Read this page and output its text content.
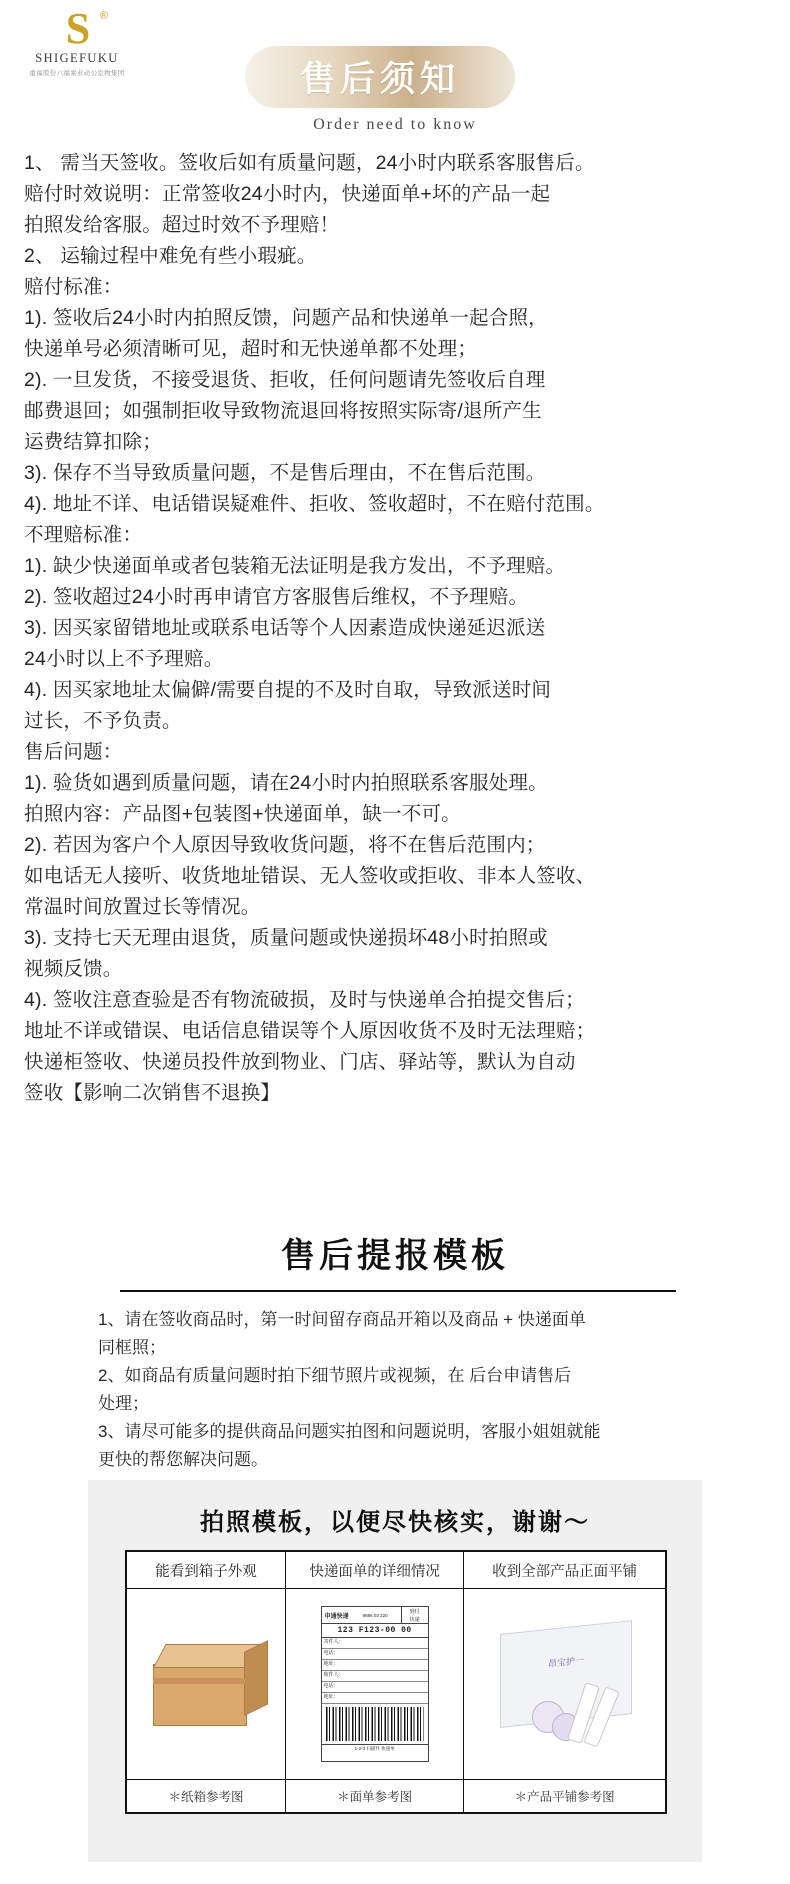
S ®
SHIGEFUKU
重福股份六福素业动公室物集团	售后须知
Order need to know

1、 需当天签收。签收后如有质量问题，24小时内联系客服售后。

赔付时效说明：正常签收24小时内，快递面单+坏的产品一起

拍照发给客服。超过时效不予理赔！

2、 运输过程中难免有些小瑕疵。

赔付标准：

1). 签收后24小时内拍照反馈，问题产品和快递单一起合照，

快递单号必须清晰可见，超时和无快递单都不处理；

2). 一旦发货，不接受退货、拒收，任何问题请先签收后自理

邮费退回；如强制拒收导致物流退回将按照实际寄/退所产生

运费结算扣除；

3). 保存不当导致质量问题，不是售后理由，不在售后范围。

4). 地址不详、电话错误疑难件、拒收、签收超时，不在赔付范围。

不理赔标准：

1). 缺少快递面单或者包装箱无法证明是我方发出，不予理赔。

2). 签收超过24小时再申请官方客服售后维权，不予理赔。

3). 因买家留错地址或联系电话等个人因素造成快递延迟派送

24小时以上不予理赔。

4). 因买家地址太偏僻/需要自提的不及时自取，导致派送时间

过长，不予负责。

售后问题：

1). 验货如遇到质量问题，请在24小时内拍照联系客服处理。

拍照内容：产品图+包装图+快递面单，缺一不可。

2). 若因为客户个人原因导致收货问题，将不在售后范围内；

如电话无人接听、收货地址错误、无人签收或拒收、非本人签收、

常温时间放置过长等情况。

3). 支持七天无理由退货，质量问题或快递损坏48小时拍照或

视频反馈。

4). 签收注意查验是否有物流破损，及时与快递单合拍提交售后；

地址不详或错误、电话信息错误等个人原因收货不及时无法理赔；

快递柜签收、快递员投件放到物业、门店、驿站等，默认为自动

签收【影响二次销售不退换】

售后提报模板

1、请在签收商品时，第一时间留存商品开箱以及商品 + 快递面单

同框照；

2、如商品有质量问题时拍下细节照片或视频，在 后台申请售后

处理；

3、请尽可能多的提供商品问题实拍图和问题说明，客服小姐姐就能

更快的帮您解决问题。

拍照模板，以便尽快核实，谢谢～
能看到箱子外观	快递面单的详细情况	收到全部产品正面平铺

申通快递	9886 03 220
到付
快递
123 F123-00 00
寄件人：
电话：
地址：
收件人：
电话：
地址：
1-2-3 扫描件 快递单

昂宝护一

＊纸箱参考图	＊面单参考图	＊产品平铺参考图
